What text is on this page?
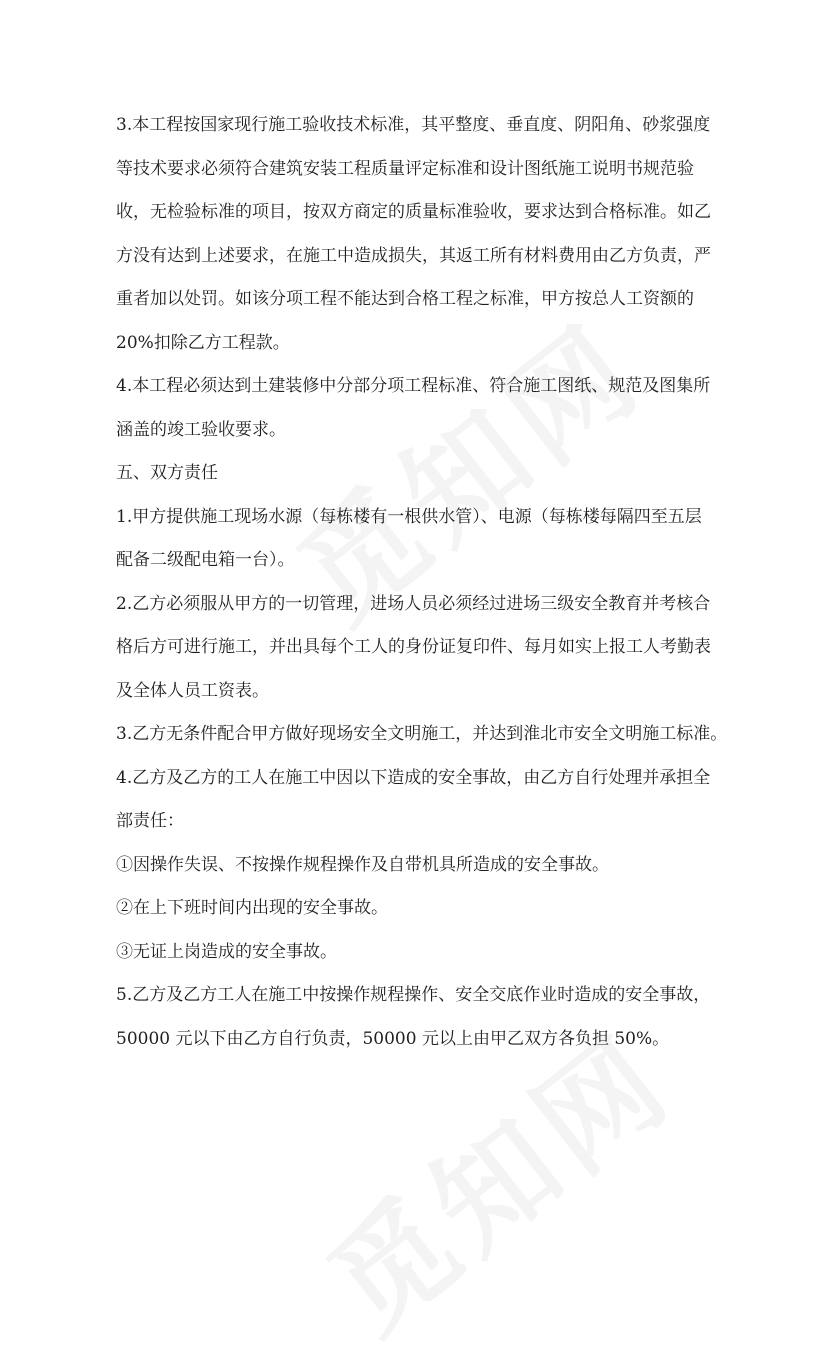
3.本工程按国家现行施工验收技术标准，其平整度、垂直度、阴阳角、砂浆强度

等技术要求必须符合建筑安装工程质量评定标准和设计图纸施工说明书规范验

收，无检验标准的项目，按双方商定的质量标准验收，要求达到合格标准。如乙

方没有达到上述要求，在施工中造成损失，其返工所有材料费用由乙方负责，严

重者加以处罚。如该分项工程不能达到合格工程之标准，甲方按总人工资额的

20%扣除乙方工程款。

4.本工程必须达到土建装修中分部分项工程标准、符合施工图纸、规范及图集所

涵盖的竣工验收要求。

五、双方责任

1.甲方提供施工现场水源（每栋楼有一根供水管）、电源（每栋楼每隔四至五层

配备二级配电箱一台）。

2.乙方必须服从甲方的一切管理，进场人员必须经过进场三级安全教育并考核合

格后方可进行施工，并出具每个工人的身份证复印件、每月如实上报工人考勤表

及全体人员工资表。

3.乙方无条件配合甲方做好现场安全文明施工，并达到淮北市安全文明施工标准。

4.乙方及乙方的工人在施工中因以下造成的安全事故，由乙方自行处理并承担全

部责任：

①因操作失误、不按操作规程操作及自带机具所造成的安全事故。

②在上下班时间内出现的安全事故。

③无证上岗造成的安全事故。

5.乙方及乙方工人在施工中按操作规程操作、安全交底作业时造成的安全事故，

50000 元以下由乙方自行负责，50000 元以上由甲乙双方各负担 50%。
